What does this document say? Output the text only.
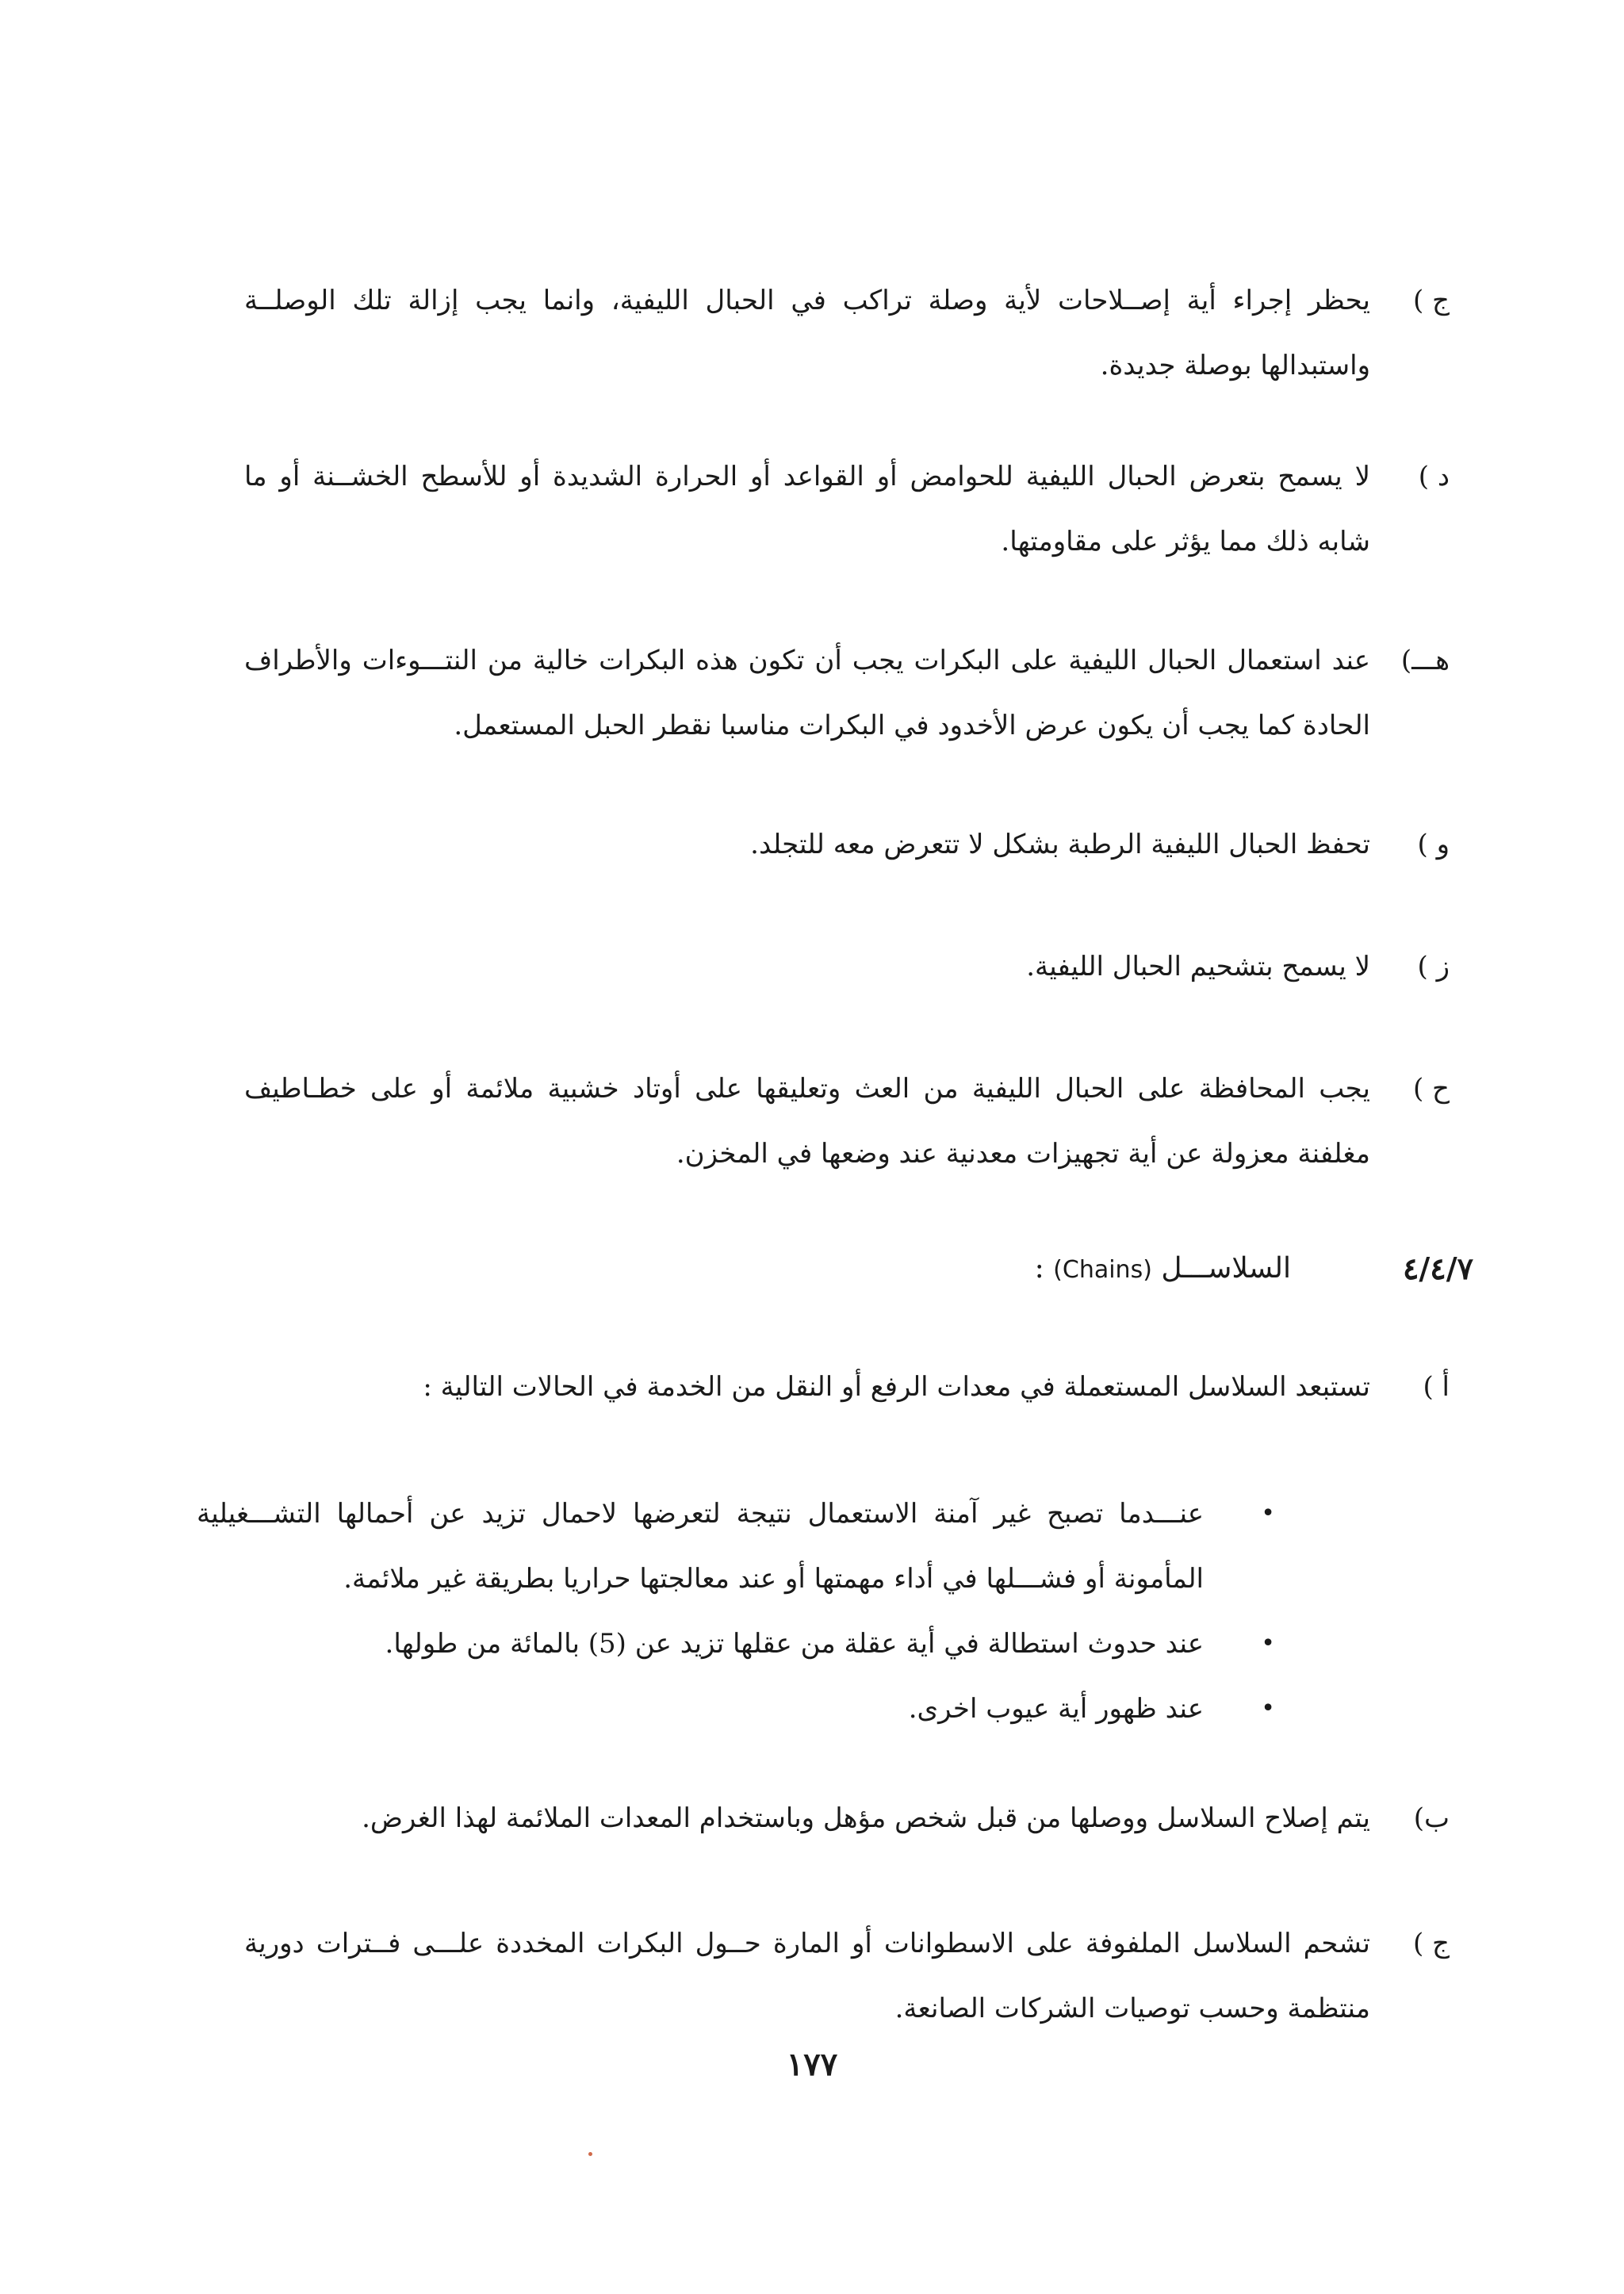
ج )

يحظر إجراء أية إصــلاحات لأية وصلة تراكب في الحبال الليفية، وانما يجب إزالة تلك الوصلــة واستبدالها بوصلة جديدة.

د )

لا يسمح بتعرض الحبال الليفية للحوامض أو القواعد أو الحرارة الشديدة أو للأسطح الخشــنة أو ما شابه ذلك مما يؤثر على مقاومتها.

هـــ)

عند استعمال الحبال الليفية على البكرات يجب أن تكون هذه البكرات خالية من النتـــوءات والأطراف الحادة كما يجب أن يكون عرض الأخدود في البكرات مناسبا نقطر الحبل المستعمل.

و )

تحفظ الحبال الليفية الرطبة بشكل لا تتعرض معه للتجلد.

ز )

لا يسمح بتشحيم الحبال الليفية.

ح )

يجب المحافظة على الحبال الليفية من العث وتعليقها على أوتاد خشبية ملائمة أو على خطـاطيف مغلفنة معزولة عن أية تجهيزات معدنية عند وضعها في المخزن.

٤/٤/٧
السلاســـل (Chains) :
أ )

تستبعد السلاسل المستعملة في معدات الرفع أو النقل من الخدمة في الحالات التالية :

•
عنـــدما تصبح غير آمنة الاستعمال نتيجة لتعرضها لاحمال تزيد عن أحمالها التشـــغيلية المأمونة أو فشـــلها في أداء مهمتها أو عند معالجتها حراريا بطريقة غير ملائمة.
•
عند حدوث استطالة في أية عقلة من عقلها تزيد عن (5) بالمائة من طولها.
•
عند ظهور أية عيوب اخرى.
ب)

يتم إصلاح السلاسل ووصلها من قبل شخص مؤهل وباستخدام المعدات الملائمة لهذا الغرض.

ج )

تشحم السلاسل الملفوفة على الاسطوانات أو المارة حــول البكرات المخددة علـــى فــترات دورية منتظمة وحسب توصيات الشركات الصانعة.

١٧٧
